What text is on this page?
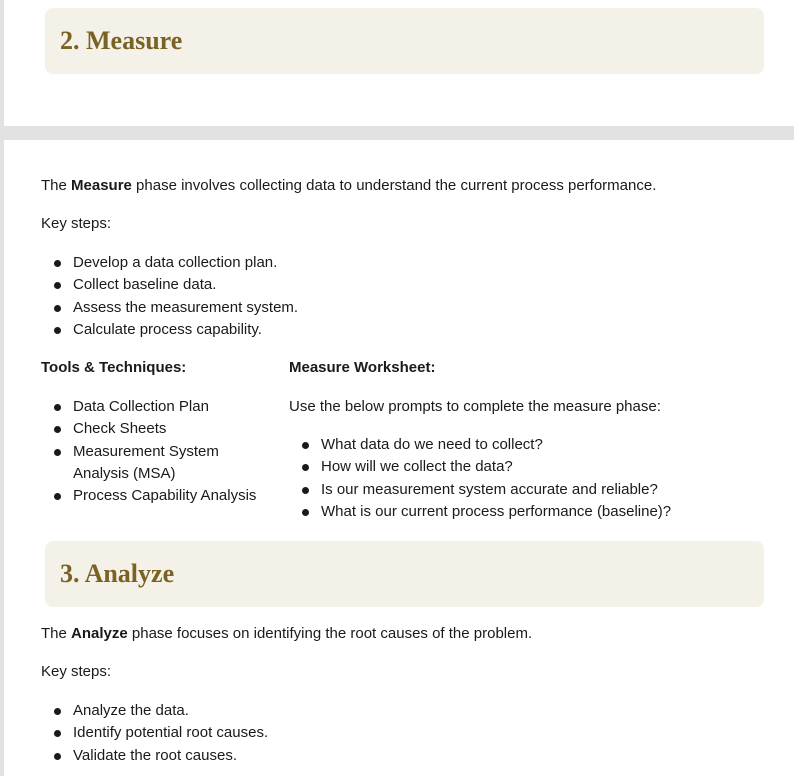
2. Measure

The Measure phase involves collecting data to understand the current process performance.

Key steps:

Develop a data collection plan.
Collect baseline data.
Assess the measurement system.
Calculate process capability.

Tools & Techniques:

Data Collection Plan
Check Sheets
Measurement System Analysis (MSA)
Process Capability Analysis

Measure Worksheet:

Use the below prompts to complete the measure phase:

What data do we need to collect?
How will we collect the data?
Is our measurement system accurate and reliable?
What is our current process performance (baseline)?
3. Analyze

The Analyze phase focuses on identifying the root causes of the problem.

Key steps:

Analyze the data.
Identify potential root causes.
Validate the root causes.
